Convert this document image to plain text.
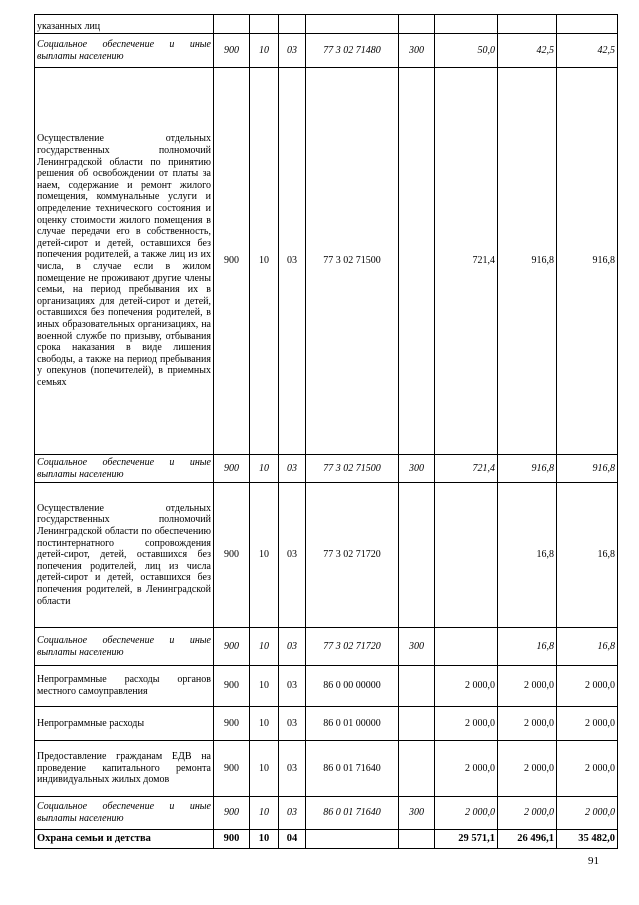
указанных лиц								
Социальное обеспечение и иные выплаты населению	900	10	03	77 3 02 71480	300	50,0	42,5	42,5
Осуществление отдельных государственных полномочий Ленинградской области по принятию решения об освобождении от платы за наем, содержание и ремонт жилого помещения, коммунальные услуги и определение технического состояния и оценку стоимости жилого помещения в случае передачи его в собственность, детей-сирот и детей, оставшихся без попечения родителей, а также лиц из их числа, в случае если в жилом помещение не проживают другие члены семьи, на период пребывания их в организациях для детей-сирот и детей, оставшихся без попечения родителей, в иных образовательных организациях, на военной службе по призыву, отбывания срока наказания в виде лишения свободы, а также на период пребывания у опекунов (попечителей), в приемных семьях	900	10	03	77 3 02 71500		721,4	916,8	916,8
Социальное обеспечение и иные выплаты населению	900	10	03	77 3 02 71500	300	721,4	916,8	916,8
Осуществление отдельных государственных полномочий Ленинградской области по обеспечению постинтернатного сопровождения детей-сирот, детей, оставшихся без попечения родителей, лиц из числа детей-сирот и детей, оставшихся без попечения родителей, в Ленинградской области	900	10	03	77 3 02 71720			16,8	16,8
Социальное обеспечение и иные выплаты населению	900	10	03	77 3 02 71720	300		16,8	16,8
Непрограммные расходы органов местного самоуправления	900	10	03	86 0 00 00000		2 000,0	2 000,0	2 000,0
Непрограммные расходы	900	10	03	86 0 01 00000		2 000,0	2 000,0	2 000,0
Предоставление гражданам ЕДВ на проведение капитального ремонта индивидуальных жилых домов	900	10	03	86 0 01 71640		2 000,0	2 000,0	2 000,0
Социальное обеспечение и иные выплаты населению	900	10	03	86 0 01 71640	300	2 000,0	2 000,0	2 000,0
Охрана семьи и детства	900	10	04			29 571,1	26 496,1	35 482,0
91
